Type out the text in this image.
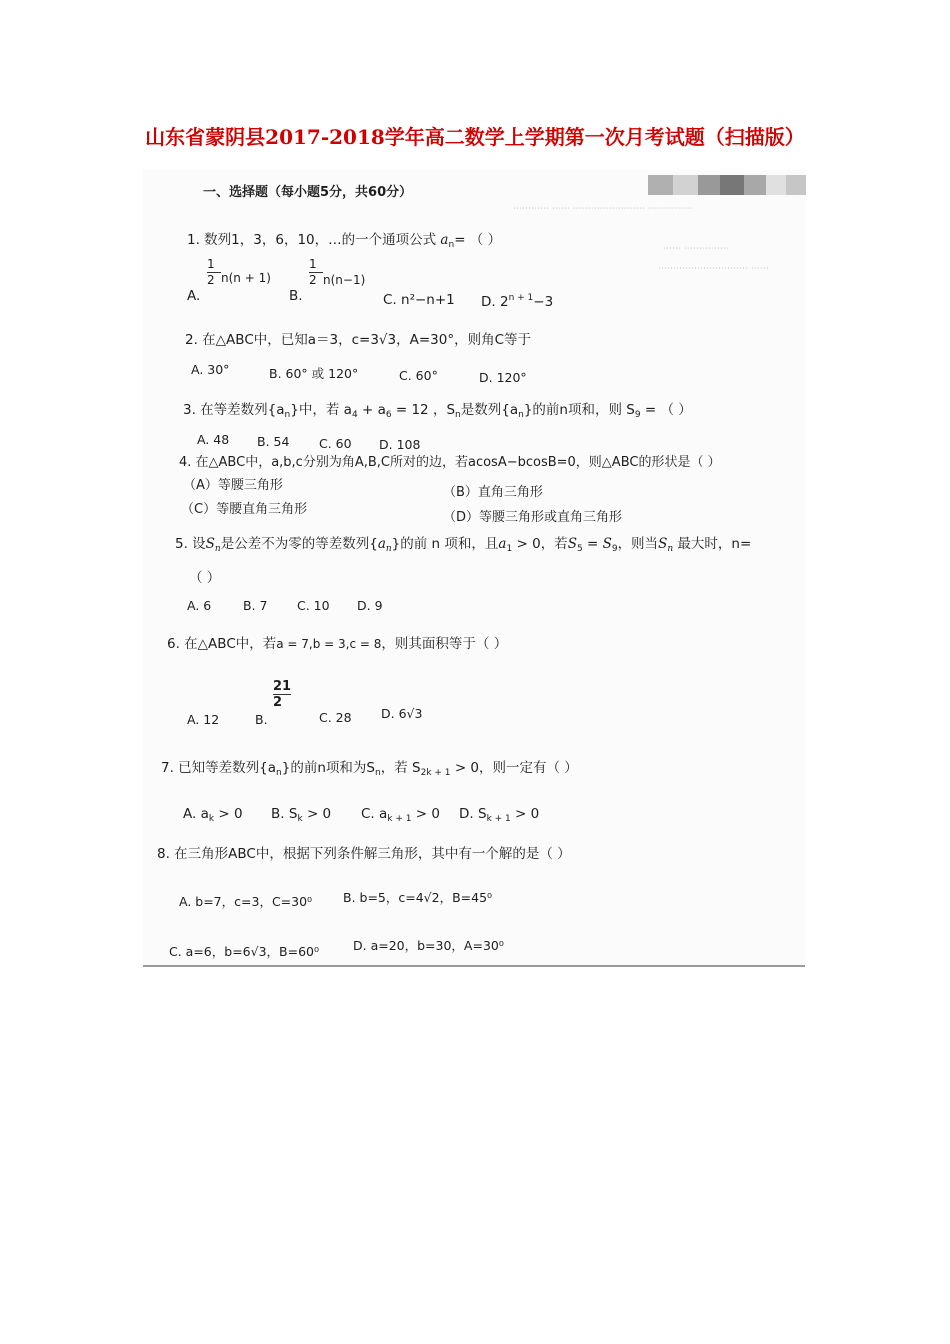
山东省蒙阴县2017-2018学年高二数学上学期第一次月考试题（扫描版）
⋯⋯⋯⋯ ⋯⋯ ⋯⋯⋯⋯⋯⋯⋯⋯ ⋯⋯⋯⋯⋯
⋯⋯ ⋯⋯⋯⋯⋯
⋯⋯⋯⋯⋯⋯⋯⋯⋯⋯ ⋯⋯
一、选择题（每小题5分，共60分）
1. 数列1，3，6，10，…的一个通项公式 $a_n=$ （ ）
A.
1
2 n(n + 1)
B.
1
2 n(n−1)
C. n²−n+1 D. $2^{n + 1}-3$
2. 在△ABC中，已知a＝3，c=3√3，A=30°，则角C等于
A. 30°	B. 60° 或 120°	C. 60°	D. 120°
3. 在等差数列$\{a_n\}$中，若 $a_4 + a_6 = 12$ ，$S_n$是数列$\{a_n\}$的前n项和，则 $S_9$ = （ ）
A. 48 B. 54 C. 60 D. 108
4. 在△ABC中，a,b,c分别为角A,B,C所对的边，若acosA−bcosB=0，则△ABC的形状是（ ）
（A）等腰三角形	（B）直角三角形
（C）等腰直角三角形
（D）等腰三角形或直角三角形
5. 设$S_n$是公差不为零的等差数列$\{a_n\}$的前 n 项和，且$a_1 > 0$，若$S_5 = S_9$，则当$S_n$ 最大时，n=
（ ）
A. 6	B. 7 C. 10 D. 9
6. 在△ABC中，若a = 7,b = 3,c = 8，则其面积等于（ ）
A. 12	B.
21
2
C. 28 D. 6√3
7. 已知等差数列$\{a_n\}$的前n项和为$S_n$，若 $S_{2k + 1} > 0$，则一定有（ ）
A. $a_k > 0$ B. $S_k > 0$ C. $a_{k + 1} > 0$ D. $S_{k + 1} > 0$
8. 在三角形ABC中，根据下列条件解三角形，其中有一个解的是（ ）
A. b=7，c=3，C=30⁰ B. b=5，c=4√2，B=45⁰
C. a=6，b=6√3，B=60⁰	D. a=20，b=30，A=30⁰
